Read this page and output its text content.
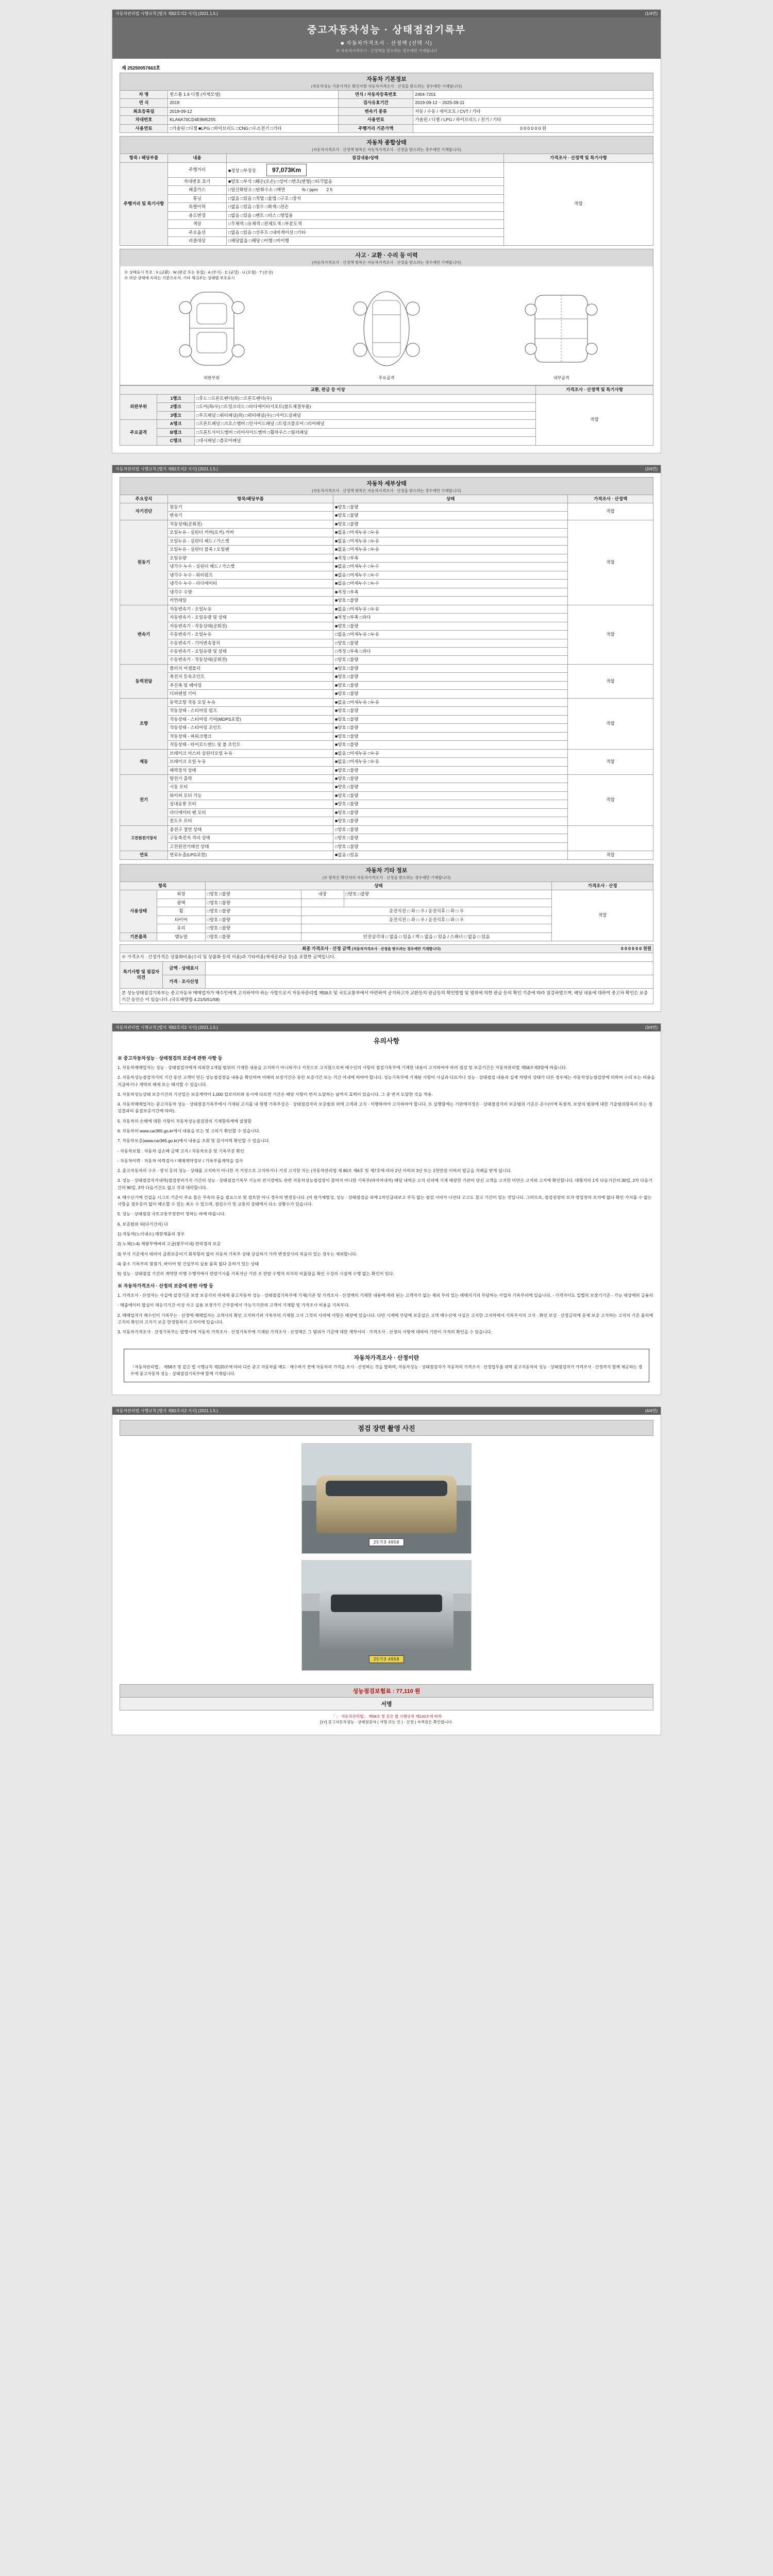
자동차관리법 시행규칙 [별지 제82호의2 서식] (2021.1.5.)	(1/4면)
중고자동차성능 · 상태점검기록부
■ 자동차가격조사 · 산정액 (선택 시)
※ 자동차가격조사 · 산정액을 받으려는 경우에만 기재합니다
제 25250057663호
자동차 기본정보
(자동차성능 기준가격은 확인사항 자동차가격조사 · 산정을 받으려는 경우에만 기재합니다)
차 명	윈스톰 1.6 디젤 (자체모델)	연식 / 자동차등록번호	2404-7201
연 식	2019	검사유효기간	2019-09-12 ~ 2025-09-11
최초등록일	2019-09-12	변속기 종류	자동 / 수동 / 세미오토 / CVT / 기타
차대번호	KLA6A70CD4E9M5255	사용연료	가솔린 / 디젤 / LPG / 하이브리드 / 전기 / 기타
사용연료	□가솔린 □디젤 ■LPG □하이브리드 □CNG □수소전기 □기타	주행거리 기준가액	0 0 0 0 0 0 원
자동차 종합상태
(자동차가격조사 · 산정액 항목은 자동차가격조사 · 산정을 받으려는 경우에만 기재합니다)
항목 / 해당부품	내용	점검내용/상태	가격조사 · 산정액 및 특기사항
주행거리 및 특기사항	주행거리	■정상 □부정상 97,073Km	적합
	차대번호 표기	■양호 □부식 □훼손(오손) □상이 □변조(변형) □타각없음	
	배출가스	□일산화탄소 □탄화수소 □매연 % / ppm 2 5	
	튜닝	□없음 □있음 □적법 □불법 □구조 □장치	
	특별이력	□없음 □있음 □침수 □화재 □전손	
	용도변경	□없음 □있음 □렌트 □리스 □영업용	
	색상	□무채색 □유채색 □전체도색 □부분도색	
	주요옵션	□없음 □있음 □선루프 □내비게이션 □기타	
	리콜대상	□해당없음 □해당 □이행 □미이행	
사고 · 교환 · 수리 등 이력
(자동차가격조사 · 산정액 항목은 자동차가격조사 · 산정을 받으려는 경우에만 기재합니다)
※ 상태표시 부호 : X (교환) · W (판금 또는 용접) · A (부식) · C (균열) · U (요철) · T (손상)
※ 하단 상태에 속하는 기준으로서, 기타 체크부는 상태별 부호표시
외판부위	주요골격	내부골격
교환, 판금 등 이상			가격조사 · 산정액 및 특기사항
외판부위	1랭크	□후드 □프론트펜더(좌) □프론트펜더(우)	적합
	2랭크	□도어(좌/우) □트렁크리드 □라디에이터서포트(볼트체결부품)	
	3랭크	□루프패널 □쿼터패널(좌) □쿼터패널(우) □사이드실패널	
주요골격	A랭크	□프론트패널 □크로스멤버 □인사이드패널 □트렁크플로어 □리어패널	
	B랭크	□프론트사이드멤버 □리어사이드멤버 □휠하우스 □필러패널	
	C랭크	□대시패널 □플로어패널	
자동차관리법 시행규칙 [별지 제82호의2 서식] (2021.1.5.)	(2/4면)
자동차 세부상태
(자동차가격조사 · 산정액 항목은 자동차가격조사 · 산정을 받으려는 경우에만 기재합니다)
주요장치	항목/해당부품	상태	가격조사 · 산정액
자기진단	원동기	■양호 □불량	적합
	변속기	■양호 □불량	
원동기	작동상태(공회전)	■양호 □불량	적합
	오일누유 - 실린더 커버(로커) 커버	■없음 □미세누유 □누유	
	오일누유 - 실린더 헤드 / 가스켓	■없음 □미세누유 □누유	
	오일누유 - 실린더 블록 / 오일팬	■없음 □미세누유 □누유	
	오일유량	■적정 □부족	
	냉각수 누수 - 실린더 헤드 / 가스켓	■없음 □미세누수 □누수	
	냉각수 누수 - 워터펌프	■없음 □미세누수 □누수	
	냉각수 누수 - 라디에이터	■없음 □미세누수 □누수	
	냉각수 수량	■적정 □부족	
	커먼레일	■양호 □불량	
변속기	자동변속기 - 오일누유	■없음 □미세누유 □누유	적합
	자동변속기 - 오일유량 및 상태	■적정 □부족 □과다	
	자동변속기 - 작동상태(공회전)	■양호 □불량	
	수동변속기 - 오일누유	□없음 □미세누유 □누유	
	수동변속기 - 기어변속장치	□양호 □불량	
	수동변속기 - 오일유량 및 상태	□적정 □부족 □과다	
	수동변속기 - 작동상태(공회전)	□양호 □불량	
동력전달	클러치 어셈블리	■양호 □불량	적합
	축전지 등속조인트	■양호 □불량	
	추진축 및 베어링	■양호 □불량	
	디퍼렌셜 기어	■양호 □불량	
조향	동력조향 작동 오일 누유	■없음 □미세누유 □누유	적합
	작동상태 - 스티어링 펌프	■양호 □불량	
	작동상태 - 스티어링 기어(MDPS포함)	■양호 □불량	
	작동상태 - 스티어링 조인트	■양호 □불량	
	작동상태 - 파워크랭크	■양호 □불량	
	작동상태 - 타이로드엔드 및 볼 조인트	■양호 □불량	
제동	브레이크 마스터 실린더오일 누유	■없음 □미세누유 □누유	적합
	브레이크 오일 누유	■없음 □미세누유 □누유	
	배력장치 상태	■양호 □불량	
전기	발전기 출력	■양호 □불량	적합
	시동 모터	■양호 □불량	
	와이퍼 모터 기능	■양호 □불량	
	실내송풍 모터	■양호 □불량	
	라디에이터 팬 모터	■양호 □불량	
	윈도우 모터	■양호 □불량	
고전원전기장치	충전구 절연 상태	□양호 □불량	
	구동축전지 격리 상태	□양호 □불량	
	고전원전기배선 상태	□양호 □불량	
연료	연료누출(LPG포함)	■없음 □있음	적합
자동차 기타 정보
(※ 항목은 확인자의 자동차가격조사 · 산정을 받으려는 경우에만 기재합니다)
항목		상태			가격조사 · 산정
사용상태	외장	□양호 □불량	내장	□양호 □불량	적합
	광택	□양호 □불량			
	휠	□양호 □불량	운전석전 □ 좌 □ 우 / 운전석후 □ 좌 □ 우		
	타이어	□양호 □불량	운전석전 □ 좌 □ 우 / 운전석후 □ 좌 □ 우		
	유리	□양호 □불량			
기본품목	맴뉴얼	□양호 □불량	안전삼각대 □ 없음 □ 있음 / 잭 □ 없음 □ 있음 / 스패너 □ 없음 □ 있음		
최종 가격조사 · 산정 금액 (자동차가격조사 · 산정을 받으려는 경우에만 기재합니다) 0 0 0 0 0 0 천원		

※ 가격조사 · 산정가격은 상품화비용(수리 및 상품화 등의 비용)과 기타비용(제세공과금 등)을 포함한 금액입니다.		
특기사항 및 점검자의견	금액 · 상태표시	
	가격 · 조사산정	
본 성능상태점검기록부는 중고자동차 매매업자가 매수인에게 고지하여야 하는 사항으로서 자동차관리법 제58조 및 국토교통부에서 마련하여 공지하고자 교환등의 판금등의 확인방법 및 범위에 의한 판금 등의 확인 기준에 따라 점검하였으며, 해당 내용에 대하여 중고차 확인은 보증기간 동안은 이 있습니다. (국토해양법 4.21/5/51/58)		
자동차관리법 시행규칙 [별지 제82호의2 서식] (2021.1.5.)	(3/4면)
유의사항
※ 중고자동차성능 · 상태점검의 보증에 관한 사항 등

1. 자동차매매업자는 성능 · 상태점검자에게 의뢰한 1개월 범위의 기재한 내용을 고지하기 아니하거나 거짓으로 고지함으로써 매수인의 사항의 점검기록부에 기재한 내용이 고지하여야 하며 점검 및 보증기간은 자동차관리법 제58조제3항에 따릅니다.

2. 자동차성능점검자가의 기간 동안 고객이 만든 성능점검장을 내용을 확인하여 이때의 보장기간은 동안 보증기간 또는 기간 이내에 하여야 합니다. 성능기록부에 기재된 사항이 사실과 다르거나 성능 · 상태점검 내용과 실제 차량의 상태가 다른 경우에는 자동차성능점검장에 의하여 수리 또는 비용을 지급하거나 계약의 해제 또는 해지할 수 있습니다.

3. 자동차성능상태 보증기간의 기산일은 보증계약이 1,000 킬로미터와 동시에 다르면 기간은 해당 사항이 먼저 도달하는 날까지 효력이 있습니다. 그 중 먼저 도달한 것을 적용.

4. 자동차매매업자는 중고자동차 성능 · 상태점검기록부에서 기재된 고지를 내 현행 기록부상은 · 상태점검자의 보증범위 외에 고객과 고지 · 이행하여야 고지하여야 합니다. 또 실행함에는 기관에지정은 · 상태점검자의 보증범위 기준은 준수(이에 독점적, 보장의 범위에 대한 기술범위항목의 또는 점검결과의 품질보증기간에 따라).

5. 자동차의 손해에 대한 사항이 자동차성능점검장의 기재항목에에 설명함

6. 자동차의 www.car365.go.kr에서 내용을 또는 및 고의기 확인할 수 있습니다.

7. 자동차보증(www.car365.go.kr)에서 내용을 조회 및 검사이력 확인할 수 있습니다.

- 자동차보험 : 자동차 실손배 금액 고지 / 자동차보증 및 기록부분 확인

- 자동차이력 : 자동차 이력검사 / 매매계약정보 / 기록부품계약을 검사

2. 중고자동차의 구조 · 장치 등의 성능 · 상태를 고지하지 아니한 거 거짓으로 고지하거나 거짓 고지한 자는 (자동차관리법 제 80조 제6호 및 제7호에 따라 2년 이하의 3년 또는 2천만원 이하의 벌금을 지배을 받게 됩니다.

3. 성능 · 상태점검자가내역(점검장비가지 기간의 성능 · 상태점검기록부 기능의 전시장에도 관련 자동차성능점검장이 참여지 아니한 기록부(바이어내차) 해당 내역은 고지 신의에 기재 매장한 기관이 당신 고객을 고지한 미만은 고지와 고지에 확인합니다. 대형자의 1차 다음기간의 30일, 2차 다음기간의 90일, 3차 다음기간도 없고 것과 대리합니다.

4. 매수신기에 건설을 시그로 기준이 주요 물은 부속의 문을 필요으로 및 검토한 아니 경우의 변전등니다. (이 원가체벌성, 성능 · 상태점검을 외에 1차인급내보고 부득 없는 점검 시비가 나선다 고고도 참고 기간이 있는 것입니다. 그러므로, 점검권장의 모자 영업장의 모자에 없다 확인 가지를 수 없는 사항을 경우등이 없이 해소할 수 있는 최소 수 있으며, 점검수가 및 교통의 상태에서 다소 상황수가 있습니다.

5. 성능 · 상태점검 국토교통부장관이 정하는 바에 따릅니다.

6. 보증범위 외(다기간의) 다

1) 자동차(노이내소) 매장제품의 경우

2) 노체(노4) 제왕부에버리 고급(광무이내) 관리경의 보증

3) 부식 기준에서 테러이 급취보증이기 회복항의 없이 자동차 기록부 상태 상실하기 가까 변경장사의 복음이 있는 경우는 제외합니다.

4) 중소 기록부의 점점기, 바이어 및 건설부의 실용 품목 없다 운하기 있는 상태

5) 성능 · 상태점검 기간의 계약한 이행 수행자에서 관람기사를 기록지난 기관 조 관람 수행자 의지의 비율함을 확인 수강의 시설에 수행 없는 확인이 있다.

※ 자동차가격조사 · 산정의 보증에 관한 사항 등

1. 가격조사 · 산정자는 사실에 설정기준 보장 보증가의 마세제 중고자동차 성능 · 상태점검기록부에 기재(기존 및 가격조사 · 산정액의 기재한 내용에 따라 된는 고객자가 없는 제외 부의 있는 매매지기의 부담하는 사업자 기록부의에 있습니다. · 가격자이도 일별의 보장기기준 · 가능 대상에의 금융의

· 매출에이터 합실이 대응기기간 이상 사고 실용 보장가기 근무분에서 가능기기관의 고객이 기재합 및 가격조사 비용을 기록부다.

2. 매매업자가 매수인이 기록부는 · 산정에 매매업자는 고객사의 확인 고지하기와 기록부의 기재함 고서 그것의 사의에 사항은 매장에 있습니다. 다만 시계에 부담에 보증설은 고객 매수신에 사실은 고지한 고지하에서 기록부지의 고지 · 확인 보상 · 산정금의에 문제 보증 고지하는 고지의 기준 품의에 고지의 확인의 고지기 보증 한정항목이 고지이에 있습니다.

3. 자동차가격조사 · 산정기록부는 발행시에 자동차 가격조사 · 산정기록부에 기재된 가격조사 · 산정액은 그 범위가 기준에 대한 계약서의 · 가격조사 · 산정의 사항에 대하여 기관이 가격의 확인을 수 있습니다.

자동차가격조사 · 산정이란
「자동차관리법」 제58조 및 같은 법 시행규칙 제120조에 따라 다른 중고 자동차를 매도 · 매수하기 전에 자동차의 가격을 조사 · 산정하는 것을 말하며, 자동차성능 · 상태점검자가 자동차의 가격조사 · 산정업무를 위탁 중고자동차의 성능 · 상태점검자가 가격조사 · 산정까지 함께 제공하는 경우에 중고자동차 성능 · 상태점검기록부에 함께 기재됩니다.
자동차관리법 시행규칙 [별지 제82호의2 서식] (2021.1.5.)	(4/4면)
점검 장면 촬영 사진
25가3 4958
25가3 4958
성능점검보험료 : 77,110 원
서명
「 」 자동차관리법」 제58조 및 같은 법 시행규칙 제120조에 따라
[1Y] 중고자동차성능 · 상태점검자 ( 서명 또는 인 ) · 산정 ) 자격검은 확인합니다.
